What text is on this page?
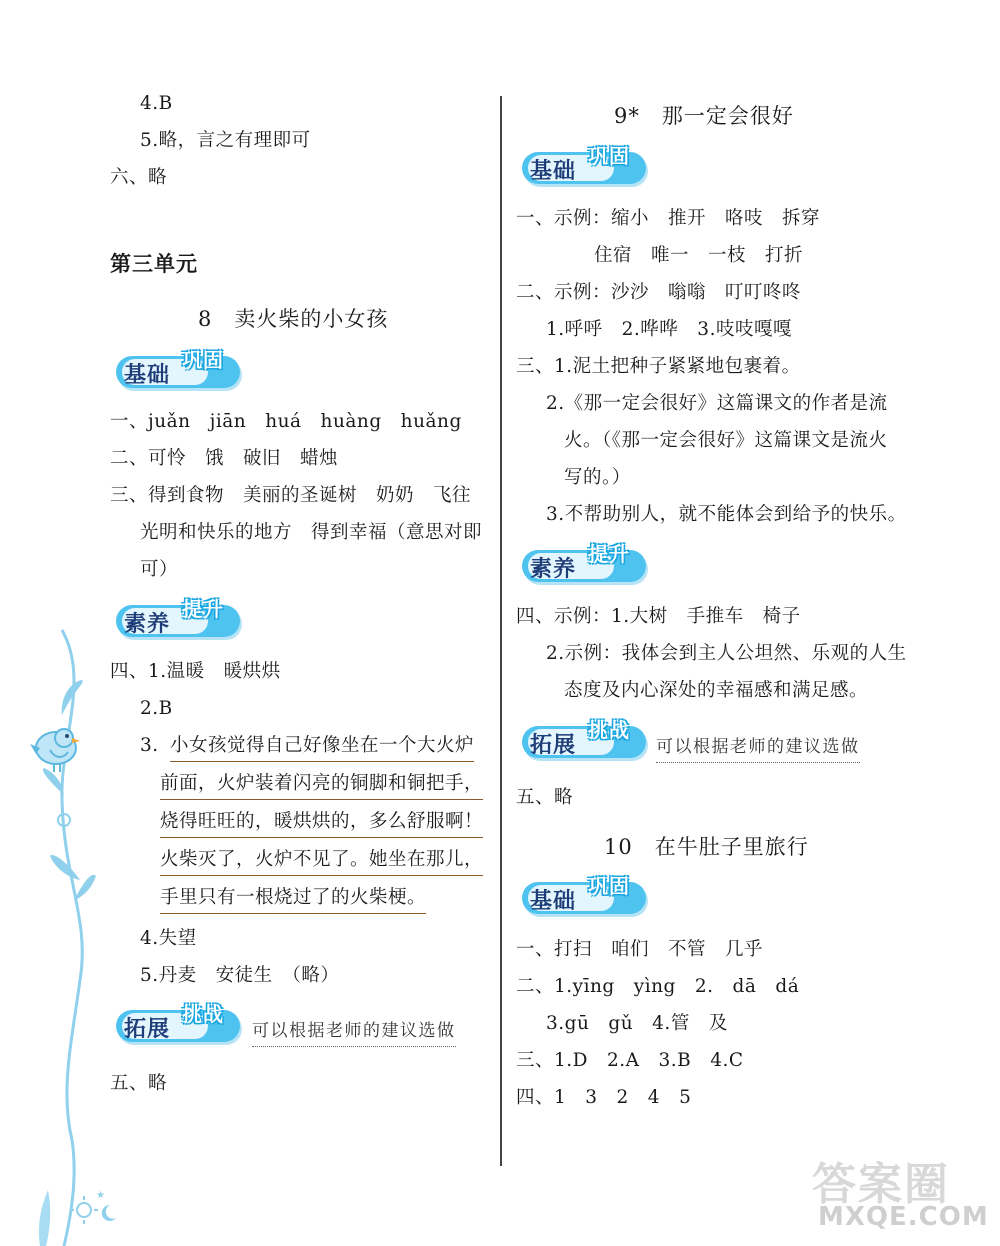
4.B
5.略，言之有理即可
六、略
第三单元
8　卖火柴的小女孩
基础
巩固
一、juǎn　jiān　huá　huàng　huǎng
二、可怜　饿　破旧　蜡烛
三、得到食物　美丽的圣诞树　奶奶　飞往
光明和快乐的地方　得到幸福（意思对即
可）
素养
提升
四、1.温暖　暖烘烘
2.B
3. 小女孩觉得自己好像坐在一个大火炉
前面，火炉装着闪亮的铜脚和铜把手，
烧得旺旺的，暖烘烘的，多么舒服啊！
火柴灭了，火炉不见了。她坐在那儿，
手里只有一根烧过了的火柴梗。
4.失望
5.丹麦　安徒生　（略）
拓展
挑战
可以根据老师的建议选做
五、略
9*　那一定会很好
基础
巩固
一、示例：缩小　推开　咯吱　拆穿
住宿　唯一　一枝　打折
二、示例：沙沙　嗡嗡　叮叮咚咚
1.呼呼　2.哗哗　3.吱吱嘎嘎
三、1.泥土把种子紧紧地包裹着。
2.《那一定会很好》这篇课文的作者是流
火。（《那一定会很好》这篇课文是流火
写的。）
3.不帮助别人，就不能体会到给予的快乐。
素养
提升
四、示例：1.大树　手推车　椅子
2.示例：我体会到主人公坦然、乐观的人生
态度及内心深处的幸福感和满足感。
拓展
挑战
可以根据老师的建议选做
五、略
10　在牛肚子里旅行
基础
巩固
一、打扫　咱们　不管　几乎
二、1.yīng　yìng　2.　dā　dá
3.gū　gǔ　4.管　及
三、1.D　2.A　3.B　4.C
四、1　3　2　4　5
★	答案圈
MXQE.COM
